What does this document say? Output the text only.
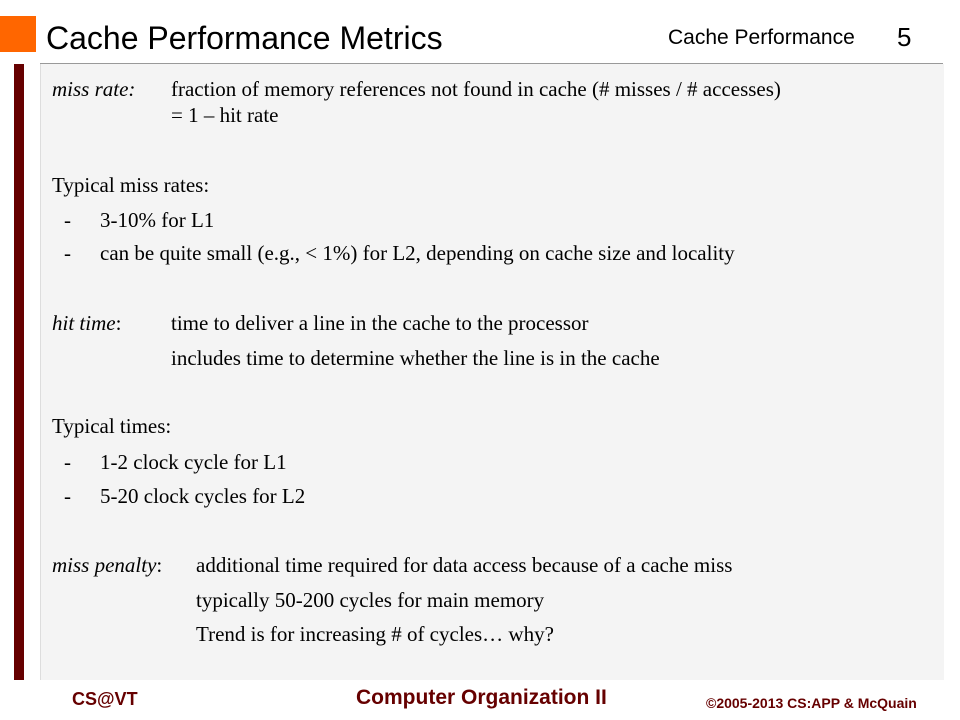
Cache Performance Metrics	Cache Performance 5
miss rate: fraction of memory references not found in cache (# misses / # accesses)
= 1 – hit rate
Typical miss rates:
- 3-10% for L1
- can be quite small (e.g., < 1%) for L2, depending on cache size and locality
hit time: time to deliver a line in the cache to the processor
includes time to determine whether the line is in the cache
Typical times:
- 1-2 clock cycle for L1
- 5-20 clock cycles for L2
miss penalty: additional time required for data access because of a cache miss
typically 50-200 cycles for main memory
Trend is for increasing # of cycles… why?
CS@VT	Computer Organization II	©2005-2013 CS:APP & McQuain
